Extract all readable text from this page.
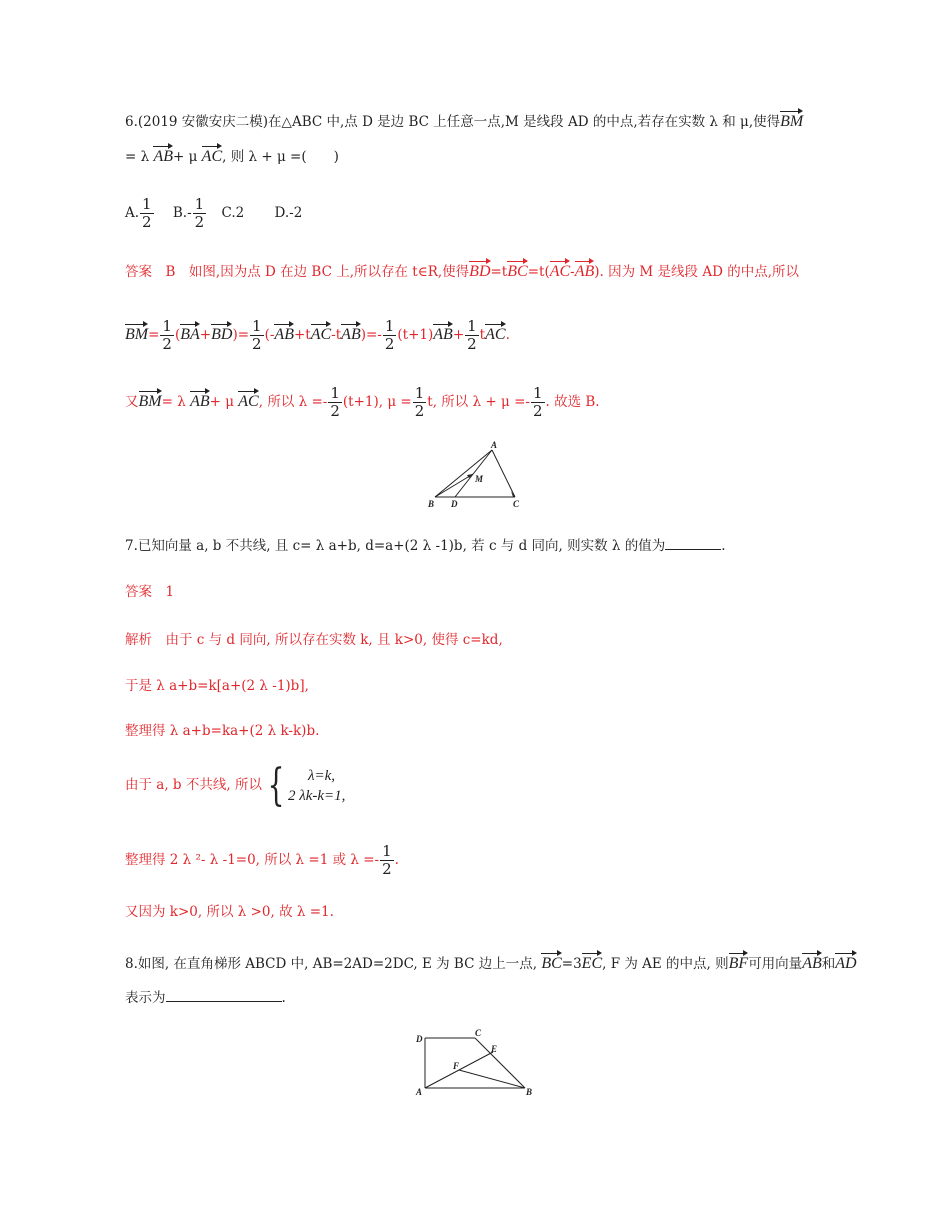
6.(2019 安徽安庆二模)在△ABC 中,点 D 是边 BC 上任意一点,M 是线段 AD 的中点,若存在实数 λ 和 μ,使得BM
= λ AB+ μ AC, 则 λ + μ =(　　)
A. $\frac{1}{2} B.- \frac{1}{2} C.2$ D.-2
答案　B　如图,因为点 D 在边 BC 上,所以存在 t∈R,使得BD=tBC=t(AC-AB). 因为 M 是线段 AD 的中点,所以
$BM= \frac{1}{2} (BA+BD)= \frac{1}{2} (-AB+tAC-tAB)=- \frac{1}{2} (t+1)AB+ \frac{1}{2}$ tAC.
又BM= λ AB+ μ AC, 所以 $\lambda =- \frac{1}{2} (t+1)$, $\mu = \frac{1}{2} t$, 所以 $\lambda + \mu =- \frac{1}{2}$ . 故选 B.
A
B D	C
M
7.已知向量 a, b 不共线, 且 c= λ a+b, d=a+(2 λ -1)b, 若 c 与 d 同向, 则实数 λ 的值为	.
答案　1
解析　由于 c 与 d 同向, 所以存在实数 k, 且 k>0, 使得 c=kd,
于是 λ a+b=k[a+(2 λ -1)b],
整理得 λ a+b=ka+(2 λ k-k)b.
由于 a, b 不共线, 所以 {	λ=k,
2 λk-k=1,
整理得 2 λ ²- λ -1=0, 所以 λ =1 或 $\lambda =- \frac{1}{2}$ .
又因为 k>0, 所以 λ >0, 故 λ =1.
8.如图, 在直角梯形 ABCD 中, AB=2AD=2DC, E 为 BC 边上一点, BC=3EC, F 为 AE 的中点, 则BF可用向量AB和AD
表示为	.
D
C
E
F
A	B
